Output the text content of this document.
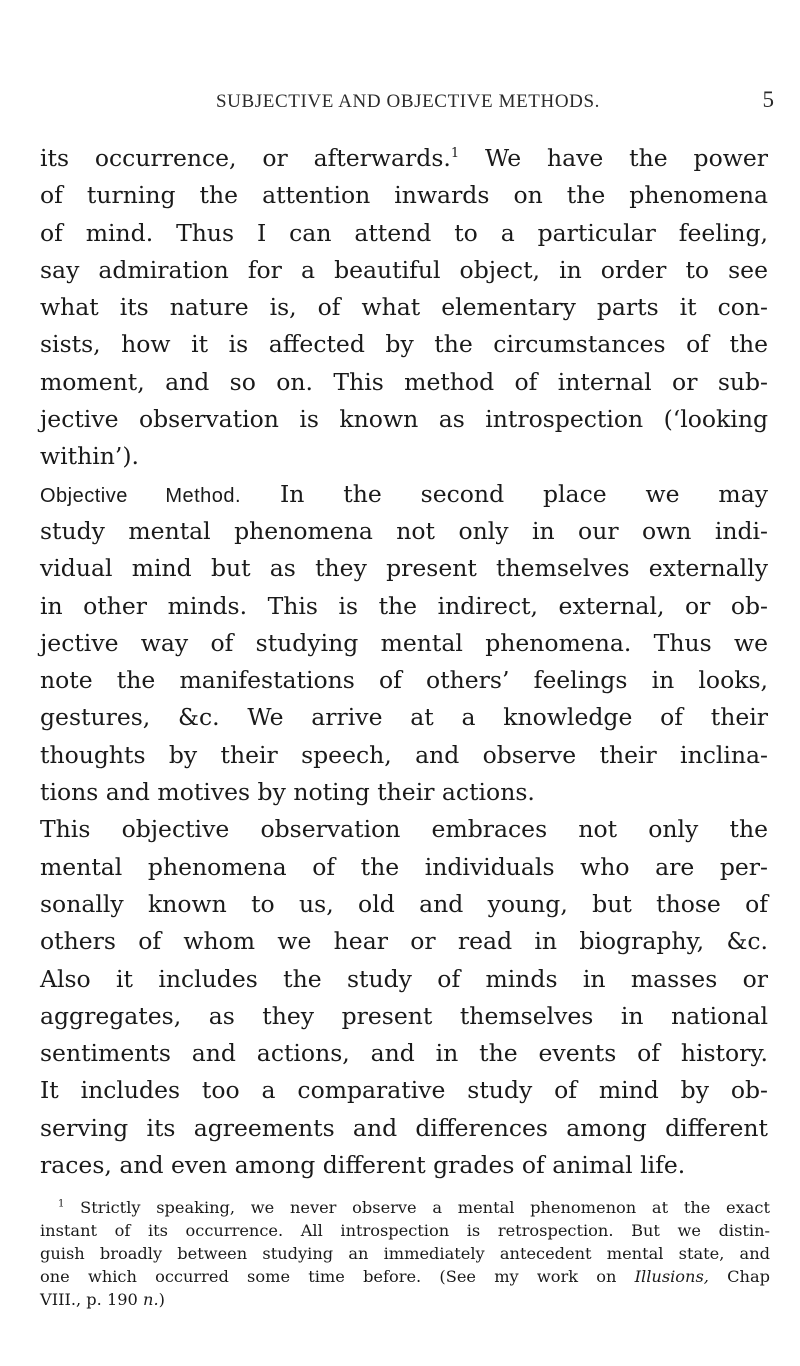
SUBJECTIVE AND OBJECTIVE METHODS.	5
its occurrence, or afterwards.$^1$ We have the power
of turning the attention inwards on the phenomena
of mind. Thus I can attend to a particular feeling,
say admiration for a beautiful object, in order to see
what its nature is, of what elementary parts it con-
sists, how it is affected by the circumstances of the
moment, and so on. This method of internal or sub-
jective observation is known as introspection (‘looking
within’).
Objective Method. In the second place we may
study mental phenomena not only in our own indi-
vidual mind but as they present themselves externally
in other minds. This is the indirect, external, or ob-
jective way of studying mental phenomena. Thus we
note the manifestations of others’ feelings in looks,
gestures, &c. We arrive at a knowledge of their
thoughts by their speech, and observe their inclina-
tions and motives by noting their actions.
This objective observation embraces not only the
mental phenomena of the individuals who are per-
sonally known to us, old and young, but those of
others of whom we hear or read in biography, &c.
Also it includes the study of minds in masses or
aggregates, as they present themselves in national
sentiments and actions, and in the events of history.
It includes too a comparative study of mind by ob-
serving its agreements and differences among different
races, and even among different grades of animal life.
$^1$ Strictly speaking, we never observe a mental phenomenon at the exact
instant of its occurrence. All introspection is retrospection. But we distin-
guish broadly between studying an immediately antecedent mental state, and
one which occurred some time before. (See my work on Illusions, Chap
VIII., p. 190 n.)
